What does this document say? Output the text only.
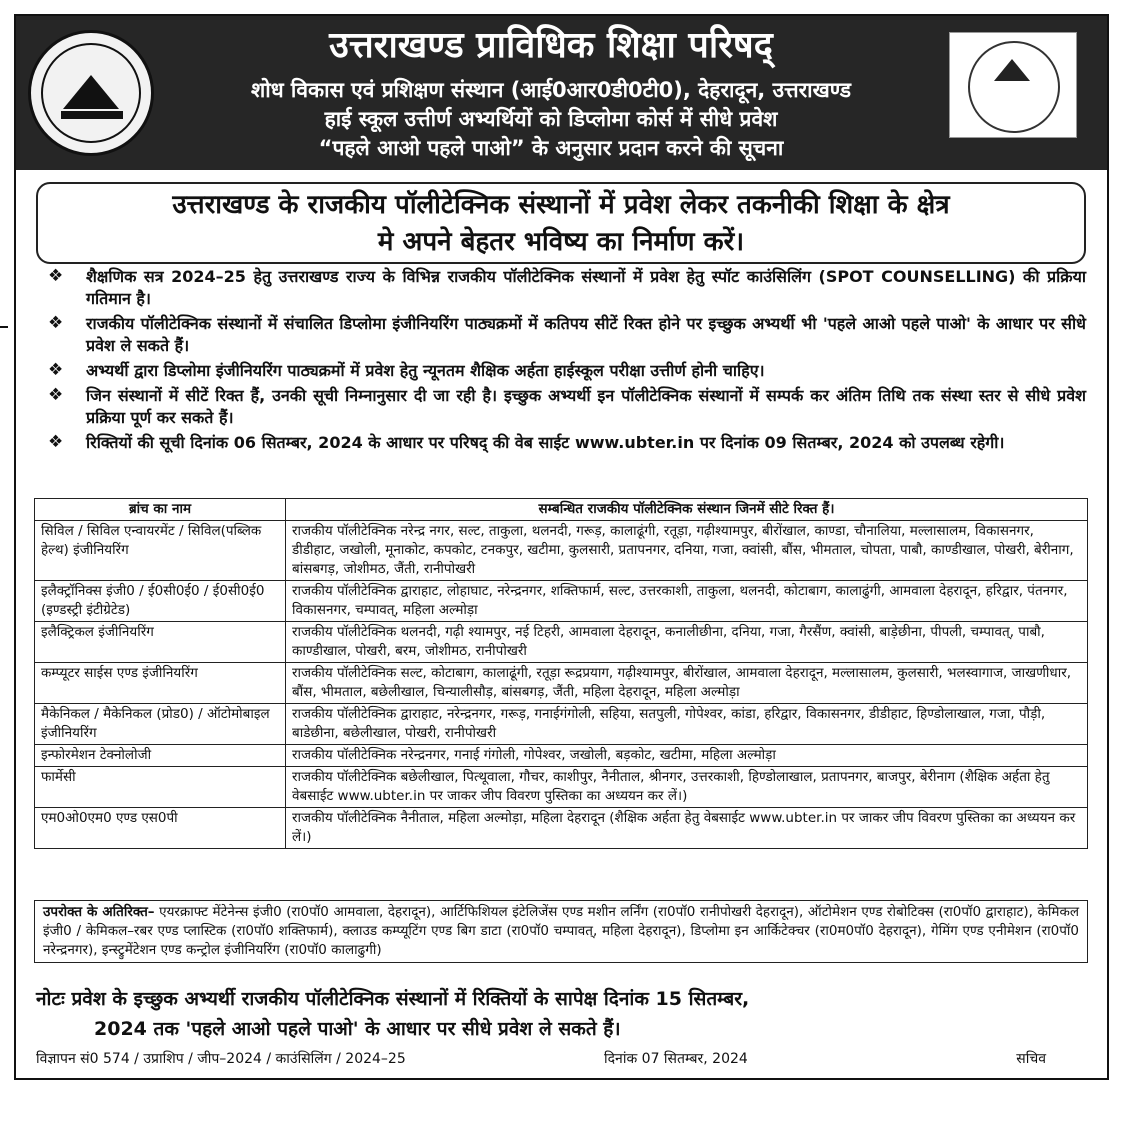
उत्तराखण्ड प्राविधिक शिक्षा परिषद्
शोध विकास एवं प्रशिक्षण संस्थान (आई0आर0डी0टी0), देहरादून, उत्तराखण्ड
हाई स्कूल उत्तीर्ण अभ्यर्थियों को डिप्लोमा कोर्स में सीधे प्रवेश
“पहले आओ पहले पाओ” के अनुसार प्रदान करने की सूचना
उत्तराखण्ड के राजकीय पॉलीटेक्निक संस्थानों में प्रवेश लेकर तकनीकी शिक्षा के क्षेत्र
मे अपने बेहतर भविष्य का निर्माण करें।
❖ शैक्षणिक सत्र 2024–25 हेतु उत्तराखण्ड राज्य के विभिन्न राजकीय पॉलीटेक्निक संस्थानों में प्रवेश हेतु स्पॉट काउंसिलिंग (SPOT COUNSELLING) की प्रक्रिया गतिमान है।
❖ राजकीय पॉलीटेक्निक संस्थानों में संचालित डिप्लोमा इंजीनियरिंग पाठ्यक्रमों में कतिपय सीटें रिक्त होने पर इच्छुक अभ्यर्थी भी 'पहले आओ पहले पाओ' के आधार पर सीधे प्रवेश ले सकते हैं।
❖ अभ्यर्थी द्वारा डिप्लोमा इंजीनियरिंग पाठ्यक्रमों में प्रवेश हेतु न्यूनतम शैक्षिक अर्हता हाईस्कूल परीक्षा उत्तीर्ण होनी चाहिए।
❖ जिन संस्थानों में सीटें रिक्त हैं, उनकी सूची निम्नानुसार दी जा रही है। इच्छुक अभ्यर्थी इन पॉलीटेक्निक संस्थानों में सम्पर्क कर अंतिम तिथि तक संस्था स्तर से सीधे प्रवेश प्रक्रिया पूर्ण कर सकते हैं।
❖ रिक्तियों की सूची दिनांक 06 सितम्बर, 2024 के आधार पर परिषद् की वेब साईट www.ubter.in पर दिनांक 09 सितम्बर, 2024 को उपलब्ध रहेगी।
ब्रांच का नाम	सम्बन्धित राजकीय पॉलीटेक्निक संस्थान जिनमें सीटे रिक्त हैं।
सिविल / सिविल एन्वायरमेंट / सिविल(पब्लिक हेल्थ) इंजीनियरिंग	राजकीय पॉलीटेक्निक नरेन्द्र नगर, सल्ट, ताकुला, थलनदी, गरूड़, कालाढूंगी, रतूड़ा, गढ़ीश्यामपुर, बीरोंखाल, काण्डा, चौनालिया, मल्लासालम, विकासनगर, डीडीहाट, जखोली, मूनाकोट, कपकोट, टनकपुर, खटीमा, कुलसारी, प्रतापनगर, दनिया, गजा, क्वांसी, बौंस, भीमताल, चोपता, पाबौ, काण्डीखाल, पोखरी, बेरीनाग, बांसबगड़, जोशीमठ, जैंती, रानीपोखरी
इलैक्ट्रॉनिक्स इंजी0 / ई0सी0ई0 / ई0सी0ई0 (इण्डस्ट्री इंटीग्रेटेड)	राजकीय पॉलीटेक्निक द्वाराहाट, लोहाघाट, नरेन्द्रनगर, शक्तिफार्म, सल्ट, उत्तरकाशी, ताकुला, थलनदी, कोटाबाग, कालाढुंगी, आमवाला देहरादून, हरिद्वार, पंतनगर, विकासनगर, चम्पावत्, महिला अल्मोड़ा
इलैक्ट्रिकल इंजीनियरिंग	राजकीय पॉलीटेक्निक थलनदी, गढ़ी श्यामपुर, नई टिहरी, आमवाला देहरादून, कनालीछीना, दनिया, गजा, गैरसैंण, क्वांसी, बाड़ेछीना, पीपली, चम्पावत्, पाबौ, काण्डीखाल, पोखरी, बरम, जोशीमठ, रानीपोखरी
कम्प्यूटर साईस एण्ड इंजीनियरिंग	राजकीय पॉलीटेक्निक सल्ट, कोटाबाग, कालाढूंगी, रतूड़ा रूद्रप्रयाग, गढ़ीश्यामपुर, बीरोंखाल, आमवाला देहरादून, मल्लासालम, कुलसारी, भलस्वागाज, जाखणीधार, बौंस, भीमताल, बछेलीखाल, चिन्यालीसौड़, बांसबगड़, जैंती, महिला देहरादून, महिला अल्मोड़ा
मैकेनिकल / मैकेनिकल (प्रोड0) / ऑटोमोबाइल इंजीनियरिंग	राजकीय पॉलीटेक्निक द्वाराहाट, नरेन्द्रनगर, गरूड़, गनाईगंगोली, सहिया, सतपुली, गोपेश्वर, कांडा, हरिद्वार, विकासनगर, डीडीहाट, हिण्डोलाखाल, गजा, पौड़ी, बाडेछीना, बछेलीखाल, पोखरी, रानीपोखरी
इन्फोरमेशन टेक्नोलोजी	राजकीय पॉलीटेक्निक नरेन्द्रनगर, गनाई गंगोली, गोपेश्वर, जखोली, बड़कोट, खटीमा, महिला अल्मोड़ा
फार्मेसी	राजकीय पॉलीटेक्निक बछेलीखाल, पित्थूवाला, गौचर, काशीपुर, नैनीताल, श्रीनगर, उत्तरकाशी, हिण्डोलाखाल, प्रतापनगर, बाजपुर, बेरीनाग (शैक्षिक अर्हता हेतु वेबसाईट www.ubter.in पर जाकर जीप विवरण पुस्तिका का अध्ययन कर लें।)
एम0ओ0एम0 एण्ड एस0पी	राजकीय पॉलीटेक्निक नैनीताल, महिला अल्मोड़ा, महिला देहरादून (शैक्षिक अर्हता हेतु वेबसाईट www.ubter.in पर जाकर जीप विवरण पुस्तिका का अध्ययन कर लें।)
उपरोक्त के अतिरिक्त– एयरक्राफ्ट मेंटेनेन्स इंजी0 (रा0पॉ0 आमवाला, देहरादून), आर्टिफिशियल इंटेलिजेंस एण्ड मशीन लर्निंग (रा0पॉ0 रानीपोखरी देहरादून), ऑटोमेशन एण्ड रोबोटिक्स (रा0पॉ0 द्वाराहाट), केमिकल इंजी0 / केमिकल–रबर एण्ड प्लास्टिक (रा0पॉ0 शक्तिफार्म), क्लाउड कम्प्यूटिंग एण्ड बिग डाटा (रा0पॉ0 चम्पावत्, महिला देहरादून), डिप्लोमा इन आर्किटेक्चर (रा0म0पॉ0 देहरादून), गेमिंग एण्ड एनीमेशन (रा0पॉ0 नरेन्द्रनगर), इन्स्ट्रुमेंटेशन एण्ड कन्ट्रोल इंजीनियरिंग (रा0पॉ0 कालाढुगी)
नोटः प्रवेश के इच्छुक अभ्यर्थी राजकीय पॉलीटेक्निक संस्थानों में रिक्तियों के सापेक्ष दिनांक 15 सितम्बर,
2024 तक 'पहले आओ पहले पाओ' के आधार पर सीधे प्रवेश ले सकते हैं।
विज्ञापन सं0 574 / उप्राशिप / जीप–2024 / काउंसिलिंग / 2024–25	दिनांक 07 सितम्बर, 2024	सचिव
